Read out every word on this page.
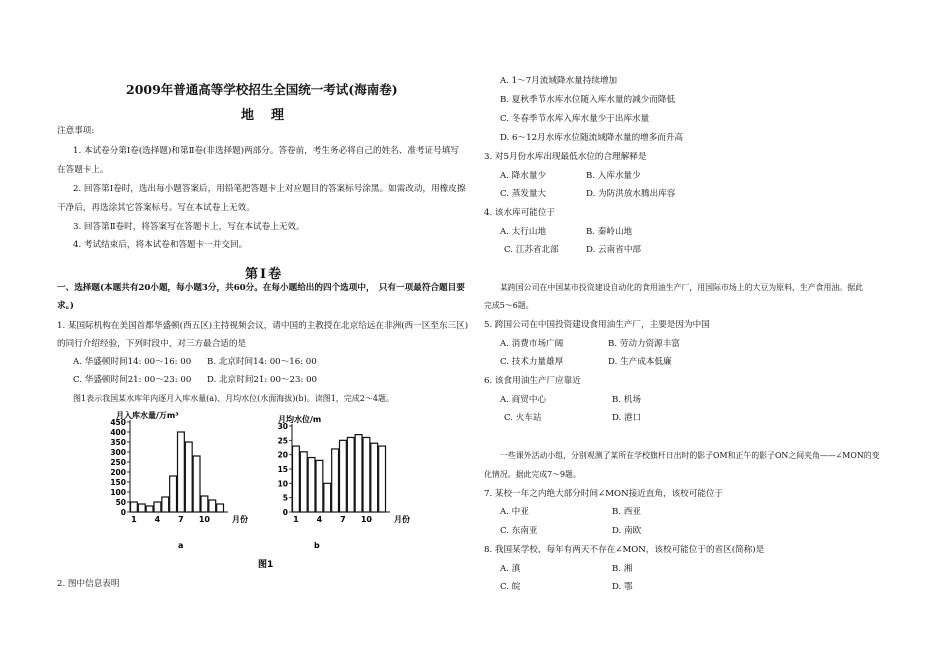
2009年普通高等学校招生全国统一考试(海南卷)
地　理
注意事项:
1. 本试卷分第Ⅰ卷(选择题)和第Ⅱ卷(非选择题)两部分。答卷前，考生务必将自己的姓名、准考证号填写
在答题卡上。
2. 回答第Ⅰ卷时，选出每小题答案后，用铅笔把答题卡上对应题目的答案标号涂黑。如需改动，用橡皮擦
干净后，再选涂其它答案标号。写在本试卷上无效。
3. 回答第Ⅱ卷时，将答案写在答题卡上，写在本试卷上无效。
4. 考试结束后，将本试卷和答题卡一并交回。
第Ⅰ卷
一、选择题(本题共有20小题，每小题3分，共60分。在每小题给出的四个选项中，　只有一项最符合题目要
求。)
1. 某国际机构在美国首都华盛顿(西五区)主持视频会议，请中国的主教授在北京给远在非洲(西一区至东三区)
的同行介绍经验，下列时段中，对三方最合适的是
A. 华盛顿时间14: 00～16: 00 B. 北京时间14: 00～16: 00
C. 华盛顿时间21: 00～23: 00 D. 北京时间21: 00～23: 00
图1表示我国某水库年内逐月入库水量(a)、月均水位(水面海拔)(b)。读图1，完成2～4题。
月入库水量/万m³
0
50
100
150
200
250
300
350
400
450
1 4 7 10	月份
月均水位/m
0
5
10
15
20
25
30
1 4 7 10	月份
a	b
图1
2. 图中信息表明
A. 1～7月流域降水量持续增加
B. 夏秋季节水库水位随入库水量的减少而降低
C. 冬春季节水库入库水量少于出库水量
D. 6～12月水库水位随流域降水量的增多而升高
3. 对5月份水库出现最低水位的合理解释是
A. 降水量少	B. 入库水量少
C. 蒸发量大	D. 为防洪放水腾出库容
4. 该水库可能位于
A. 太行山地	B. 秦岭山地
C. 江苏省北部	D. 云南省中部
某跨国公司在中国某市投资建设自动化的食用油生产厂，用国际市场上的大豆为原料，生产食用油。据此
完成5～6题。
5. 跨国公司在中国投资建设食用油生产厂，主要是因为中国
A. 消费市场广阔	B. 劳动力资源丰富
C. 技术力量雄厚	D. 生产成本低廉
6. 该食用油生产厂应靠近
A. 商贸中心	B. 机场
C. 火车站	D. 港口
一些课外活动小组，分别观测了某所在学校旗杆日出时的影子OM和正午的影子ON之间夹角——∠MON的变
化情况。据此完成7～9题。
7. 某校一年之内绝大部分时间∠MON接近直角，该校可能位于
A. 中亚	B. 西亚
C. 东南亚	D. 南欧
8. 我国某学校，每年有两天不存在∠MON，该校可能位于的省区(简称)是
A. 滇	B. 湘
C. 皖	D. 鄂
